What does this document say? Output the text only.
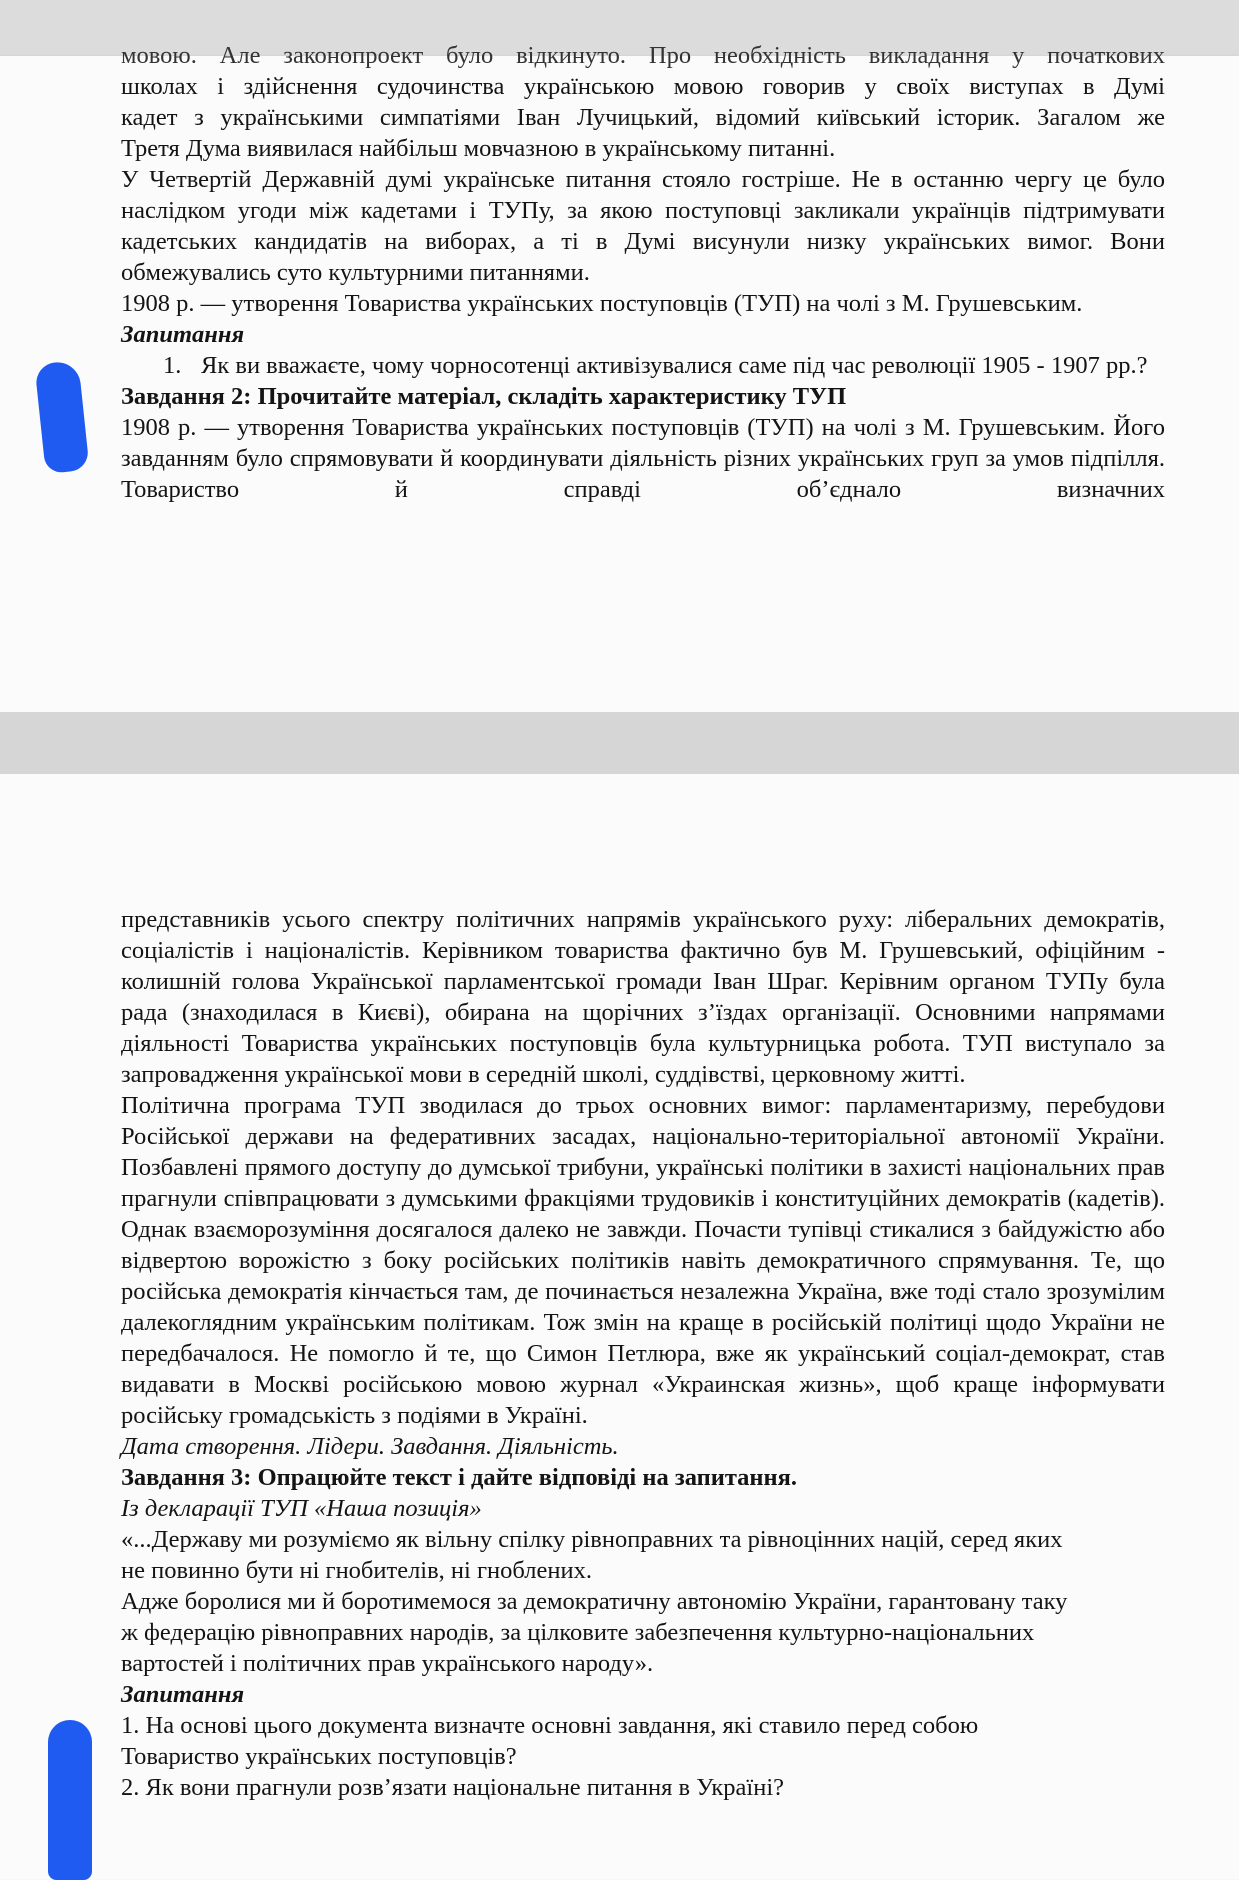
мовою. Але законопроект було відкинуто. Про необхідність викладання у початкових

школах і здійснення судочинства українською мовою говорив у своїх виступах в Думі

кадет з українськими симпатіями Іван Лучицький, відомий київський історик. Загалом же

Третя Дума виявилася найбільш мовчазною в українському питанні.

У Четвертій Державній думі українське питання стояло гостріше. Не в останню чергу це було наслідком угоди між кадетами і ТУПу, за якою поступовці закликали українців підтримувати кадетських кандидатів на виборах, а ті в Думі висунули низку українських вимог. Вони обмежувались суто культурними питаннями.

1908 р. — утворення Товариства українських поступовців (ТУП) на чолі з М. Грушевським.

Запитання

1. Як ви вважаєте, чому чорносотенці активізувалися саме під час революції 1905 - 1907 рр.?

Завдання 2: Прочитайте матеріал, складіть характеристику ТУП

1908 р. — утворення Товариства українських поступовців (ТУП) на чолі з М. Грушевським. Його завданням було спрямовувати й координувати діяльність різних українських груп за умов підпілля. Товариство й справді об’єднало визначних

представників усього спектру політичних напрямів українського руху: ліберальних демократів, соціалістів і націоналістів. Керівником товариства фактично був М. Грушевський, офіційним - колишній голова Української парламентської громади Іван Шраг. Керівним органом ТУПу була рада (знаходилася в Києві), обирана на щорічних з’їздах організації. Основними напрямами діяльності Товариства українських поступовців була культурницька робота. ТУП виступало за запровадження української мови в середній школі, суддівстві, церковному житті.

Політична програма ТУП зводилася до трьох основних вимог: парламентаризму, перебудови Російської держави на федеративних засадах, національно-територіальної автономії України. Позбавлені прямого доступу до думської трибуни, українські політики в захисті національних прав прагнули співпрацювати з думськими фракціями трудовиків і конституційних демократів (кадетів). Однак взаєморозуміння досягалося далеко не завжди. Почасти тупівці стикалися з байдужістю або відвертою ворожістю з боку російських політиків навіть демократичного спрямування. Те, що російська демократія кінчається там, де починається незалежна Україна, вже тоді стало зрозумілим далекоглядним українським політикам. Тож змін на краще в російській політиці щодо України не передбачалося. Не помогло й те, що Симон Петлюра, вже як український соціал-демократ, став видавати в Москві російською мовою журнал «Украинская жизнь», щоб краще інформувати російську громадськість з подіями в Україні.

Дата створення. Лідери. Завдання. Діяльність.

Завдання 3: Опрацюйте текст і дайте відповіді на запитання.

Із декларації ТУП «Наша позиція»

«...Державу ми розуміємо як вільну спілку рівноправних та рівноцінних націй, серед яких

не повинно бути ні гнобителів, ні гноблених.

Адже боролися ми й боротимемося за демократичну автономію України, гарантовану таку

ж федерацію рівноправних народів, за цілковите забезпечення культурно-національних

вартостей і політичних прав українського народу».

Запитання

1. На основі цього документа визначте основні завдання, які ставило перед собою

Товариство українських поступовців?

2. Як вони прагнули розв’язати національне питання в Україні?
